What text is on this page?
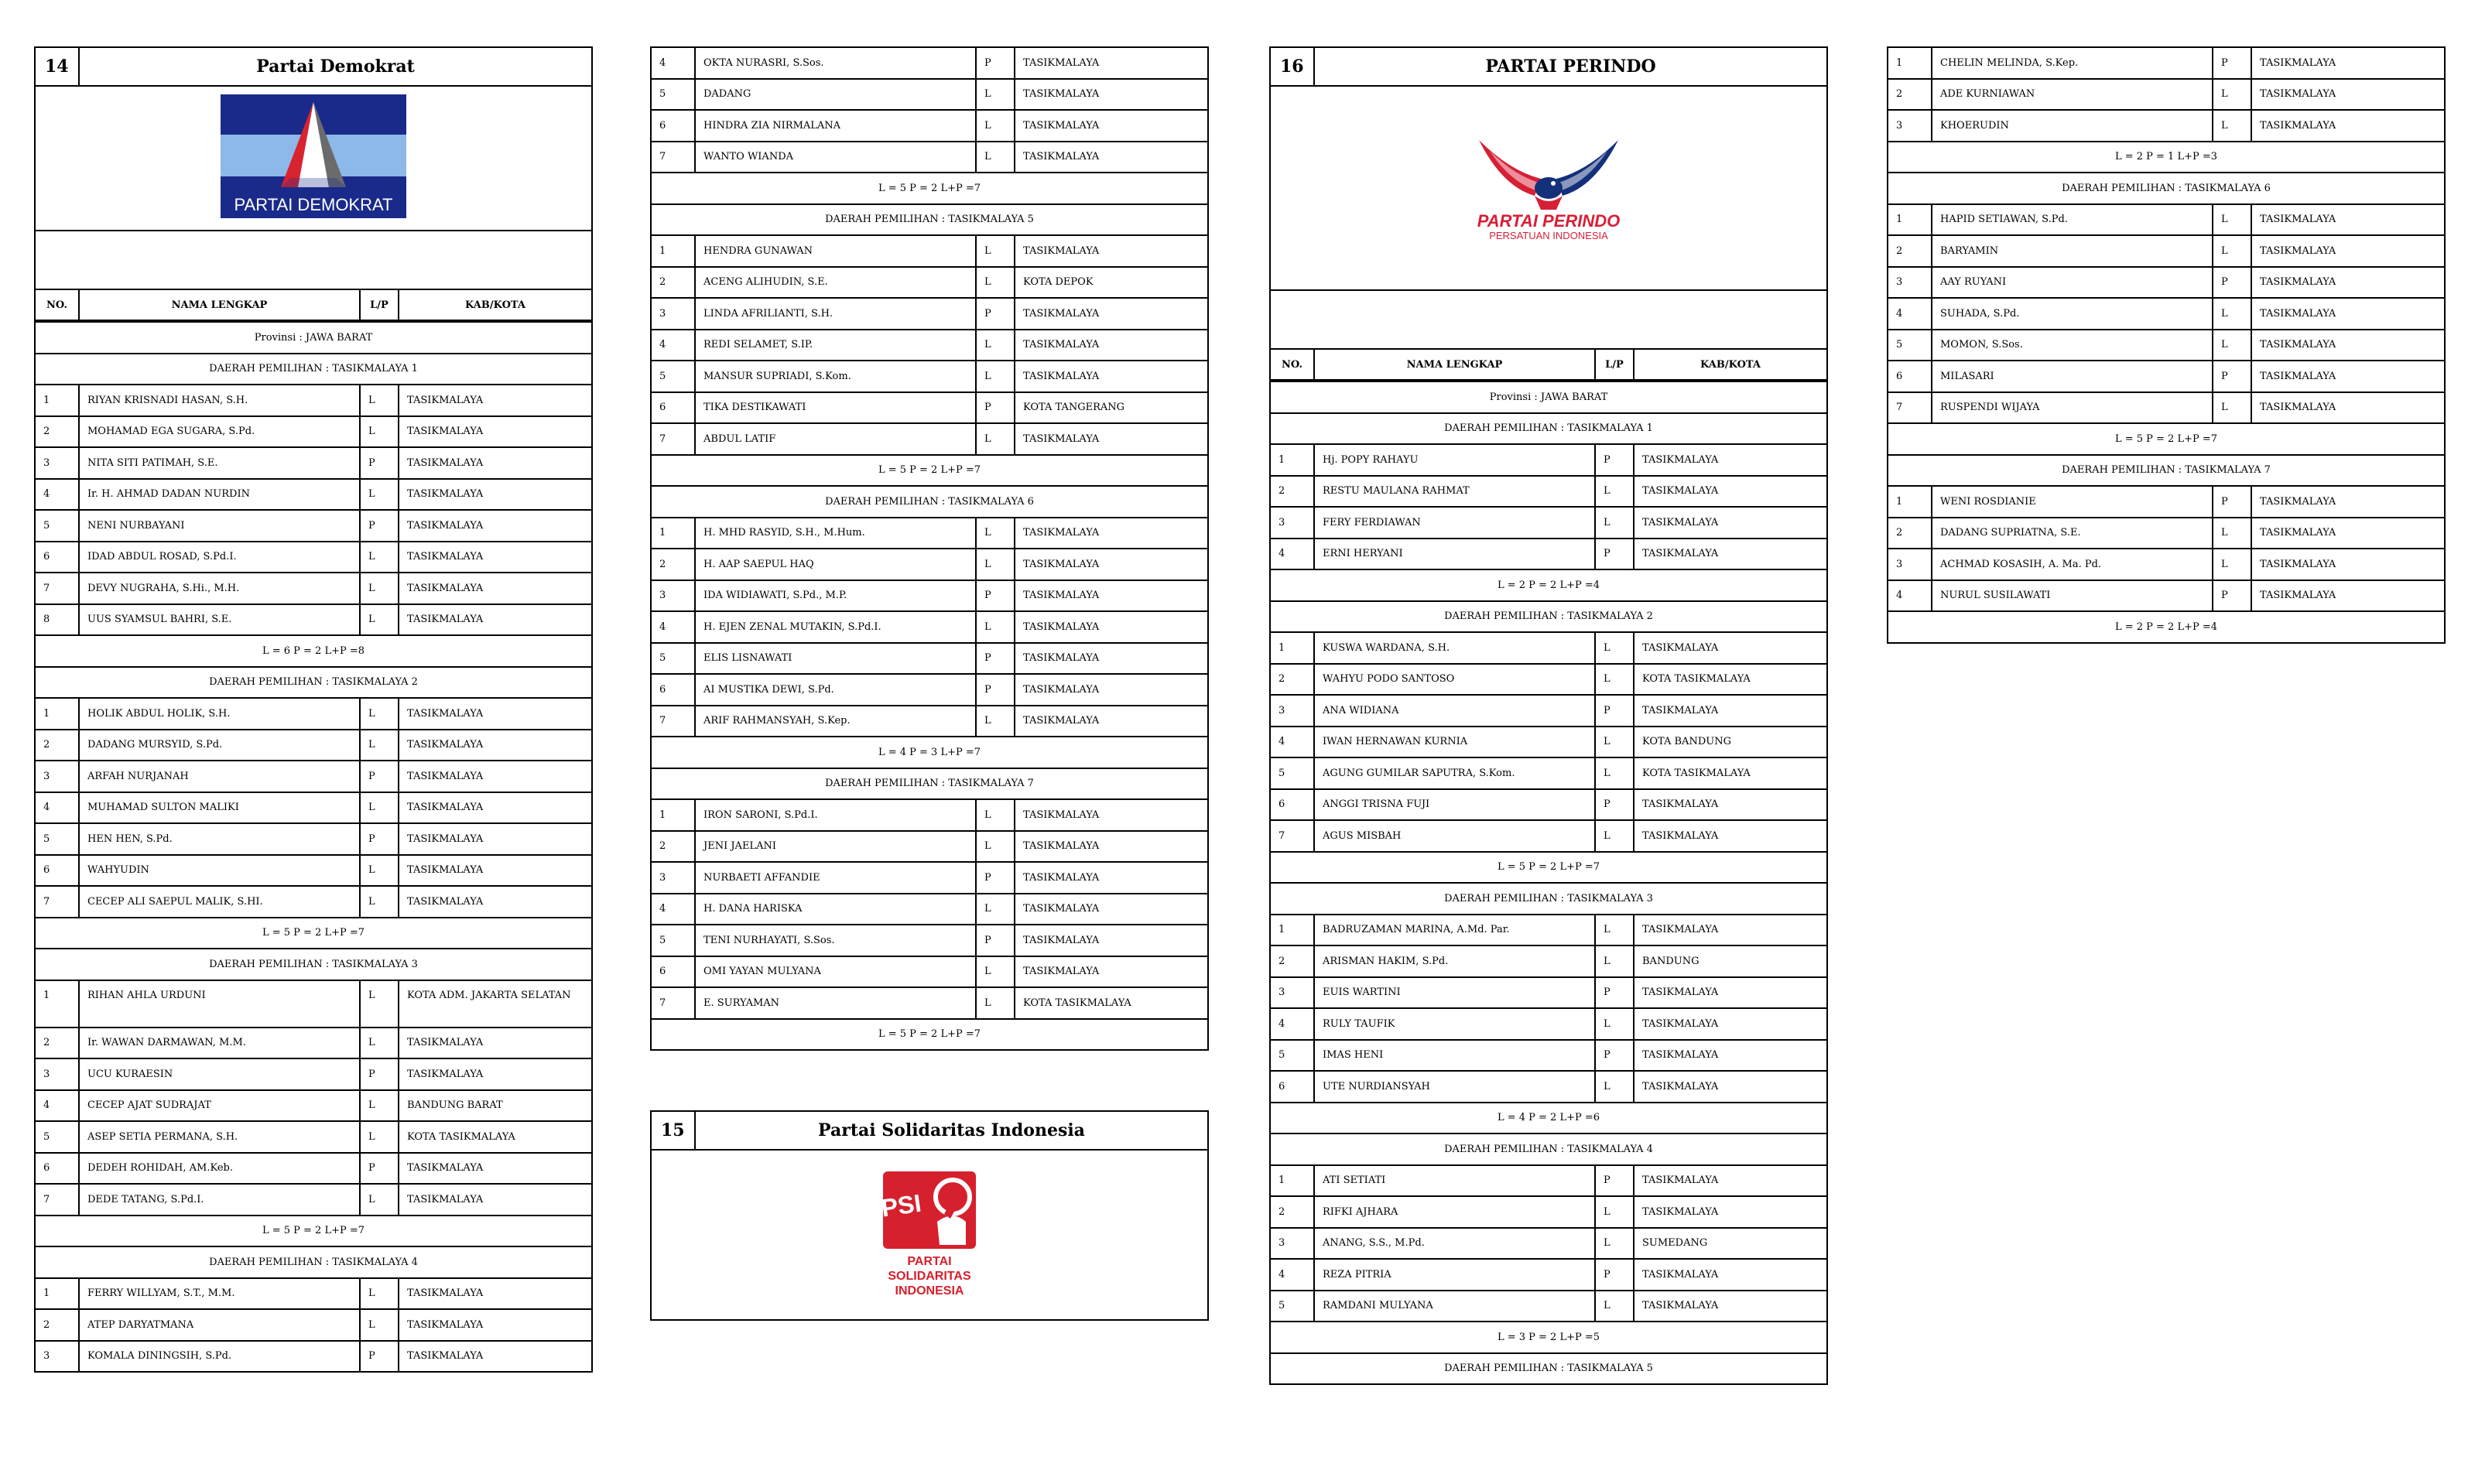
14	Partai Demokrat		

PARTAI DEMOKRAT			

NO.	NAMA LENGKAP	L/P	KAB/KOTA
Provinsi : JAWA BARAT			
DAERAH PEMILIHAN : TASIKMALAYA 1			
1	RIYAN KRISNADI HASAN, S.H.	L	TASIKMALAYA
2	MOHAMAD EGA SUGARA, S.Pd.	L	TASIKMALAYA
3	NITA SITI PATIMAH, S.E.	P	TASIKMALAYA
4	Ir. H. AHMAD DADAN NURDIN	L	TASIKMALAYA
5	NENI NURBAYANI	P	TASIKMALAYA
6	IDAD ABDUL ROSAD, S.Pd.I.	L	TASIKMALAYA
7	DEVY NUGRAHA, S.Hi., M.H.	L	TASIKMALAYA
8	UUS SYAMSUL BAHRI, S.E.	L	TASIKMALAYA
L = 6 P = 2 L+P =8			
DAERAH PEMILIHAN : TASIKMALAYA 2			
1	HOLIK ABDUL HOLIK, S.H.	L	TASIKMALAYA
2	DADANG MURSYID, S.Pd.	L	TASIKMALAYA
3	ARFAH NURJANAH	P	TASIKMALAYA
4	MUHAMAD SULTON MALIKI	L	TASIKMALAYA
5	HEN HEN, S.Pd.	P	TASIKMALAYA
6	WAHYUDIN	L	TASIKMALAYA
7	CECEP ALI SAEPUL MALIK, S.HI.	L	TASIKMALAYA
L = 5 P = 2 L+P =7			
DAERAH PEMILIHAN : TASIKMALAYA 3			
1	RIHAN AHLA URDUNI	L	KOTA ADM. JAKARTA SELATAN
2	Ir. WAWAN DARMAWAN, M.M.	L	TASIKMALAYA
3	UCU KURAESIN	P	TASIKMALAYA
4	CECEP AJAT SUDRAJAT	L	BANDUNG BARAT
5	ASEP SETIA PERMANA, S.H.	L	KOTA TASIKMALAYA
6	DEDEH ROHIDAH, AM.Keb.	P	TASIKMALAYA
7	DEDE TATANG, S.Pd.I.	L	TASIKMALAYA
L = 5 P = 2 L+P =7			
DAERAH PEMILIHAN : TASIKMALAYA 4			
1	FERRY WILLYAM, S.T., M.M.	L	TASIKMALAYA
2	ATEP DARYATMANA	L	TASIKMALAYA
3	KOMALA DININGSIH, S.Pd.	P	TASIKMALAYA
4	OKTA NURASRI, S.Sos.	P	TASIKMALAYA
5	DADANG	L	TASIKMALAYA
6	HINDRA ZIA NIRMALANA	L	TASIKMALAYA
7	WANTO WIANDA	L	TASIKMALAYA
L = 5 P = 2 L+P =7			
DAERAH PEMILIHAN : TASIKMALAYA 5			
1	HENDRA GUNAWAN	L	TASIKMALAYA
2	ACENG ALIHUDIN, S.E.	L	KOTA DEPOK
3	LINDA AFRILIANTI, S.H.	P	TASIKMALAYA
4	REDI SELAMET, S.IP.	L	TASIKMALAYA
5	MANSUR SUPRIADI, S.Kom.	L	TASIKMALAYA
6	TIKA DESTIKAWATI	P	KOTA TANGERANG
7	ABDUL LATIF	L	TASIKMALAYA
L = 5 P = 2 L+P =7			
DAERAH PEMILIHAN : TASIKMALAYA 6			
1	H. MHD RASYID, S.H., M.Hum.	L	TASIKMALAYA
2	H. AAP SAEPUL HAQ	L	TASIKMALAYA
3	IDA WIDIAWATI, S.Pd., M.P.	P	TASIKMALAYA
4	H. EJEN ZENAL MUTAKIN, S.Pd.I.	L	TASIKMALAYA
5	ELIS LISNAWATI	P	TASIKMALAYA
6	AI MUSTIKA DEWI, S.Pd.	P	TASIKMALAYA
7	ARIF RAHMANSYAH, S.Kep.	L	TASIKMALAYA
L = 4 P = 3 L+P =7			
DAERAH PEMILIHAN : TASIKMALAYA 7			
1	IRON SARONI, S.Pd.I.	L	TASIKMALAYA
2	JENI JAELANI	L	TASIKMALAYA
3	NURBAETI AFFANDIE	P	TASIKMALAYA
4	H. DANA HARISKA	L	TASIKMALAYA
5	TENI NURHAYATI, S.Sos.	P	TASIKMALAYA
6	OMI YAYAN MULYANA	L	TASIKMALAYA
7	E. SURYAMAN	L	KOTA TASIKMALAYA
L = 5 P = 2 L+P =7			
15	Partai Solidaritas Indonesia

PSI
PARTAI
SOLIDARITAS
INDONESIA
16	PARTAI PERINDO		

PARTAI PERINDO
PERSATUAN INDONESIA			

NO.	NAMA LENGKAP	L/P	KAB/KOTA
Provinsi : JAWA BARAT			
DAERAH PEMILIHAN : TASIKMALAYA 1			
1	Hj. POPY RAHAYU	P	TASIKMALAYA
2	RESTU MAULANA RAHMAT	L	TASIKMALAYA
3	FERY FERDIAWAN	L	TASIKMALAYA
4	ERNI HERYANI	P	TASIKMALAYA
L = 2 P = 2 L+P =4			
DAERAH PEMILIHAN : TASIKMALAYA 2			
1	KUSWA WARDANA, S.H.	L	TASIKMALAYA
2	WAHYU PODO SANTOSO	L	KOTA TASIKMALAYA
3	ANA WIDIANA	P	TASIKMALAYA
4	IWAN HERNAWAN KURNIA	L	KOTA BANDUNG
5	AGUNG GUMILAR SAPUTRA, S.Kom.	L	KOTA TASIKMALAYA
6	ANGGI TRISNA FUJI	P	TASIKMALAYA
7	AGUS MISBAH	L	TASIKMALAYA
L = 5 P = 2 L+P =7			
DAERAH PEMILIHAN : TASIKMALAYA 3			
1	BADRUZAMAN MARINA, A.Md. Par.	L	TASIKMALAYA
2	ARISMAN HAKIM, S.Pd.	L	BANDUNG
3	EUIS WARTINI	P	TASIKMALAYA
4	RULY TAUFIK	L	TASIKMALAYA
5	IMAS HENI	P	TASIKMALAYA
6	UTE NURDIANSYAH	L	TASIKMALAYA
L = 4 P = 2 L+P =6			
DAERAH PEMILIHAN : TASIKMALAYA 4			
1	ATI SETIATI	P	TASIKMALAYA
2	RIFKI AJHARA	L	TASIKMALAYA
3	ANANG, S.S., M.Pd.	L	SUMEDANG
4	REZA PITRIA	P	TASIKMALAYA
5	RAMDANI MULYANA	L	TASIKMALAYA
L = 3 P = 2 L+P =5			
DAERAH PEMILIHAN : TASIKMALAYA 5			
1	CHELIN MELINDA, S.Kep.	P	TASIKMALAYA
2	ADE KURNIAWAN	L	TASIKMALAYA
3	KHOERUDIN	L	TASIKMALAYA
L = 2 P = 1 L+P =3			
DAERAH PEMILIHAN : TASIKMALAYA 6			
1	HAPID SETIAWAN, S.Pd.	L	TASIKMALAYA
2	BARYAMIN	L	TASIKMALAYA
3	AAY RUYANI	P	TASIKMALAYA
4	SUHADA, S.Pd.	L	TASIKMALAYA
5	MOMON, S.Sos.	L	TASIKMALAYA
6	MILASARI	P	TASIKMALAYA
7	RUSPENDI WIJAYA	L	TASIKMALAYA
L = 5 P = 2 L+P =7			
DAERAH PEMILIHAN : TASIKMALAYA 7			
1	WENI ROSDIANIE	P	TASIKMALAYA
2	DADANG SUPRIATNA, S.E.	L	TASIKMALAYA
3	ACHMAD KOSASIH, A. Ma. Pd.	L	TASIKMALAYA
4	NURUL SUSILAWATI	P	TASIKMALAYA
L = 2 P = 2 L+P =4			
